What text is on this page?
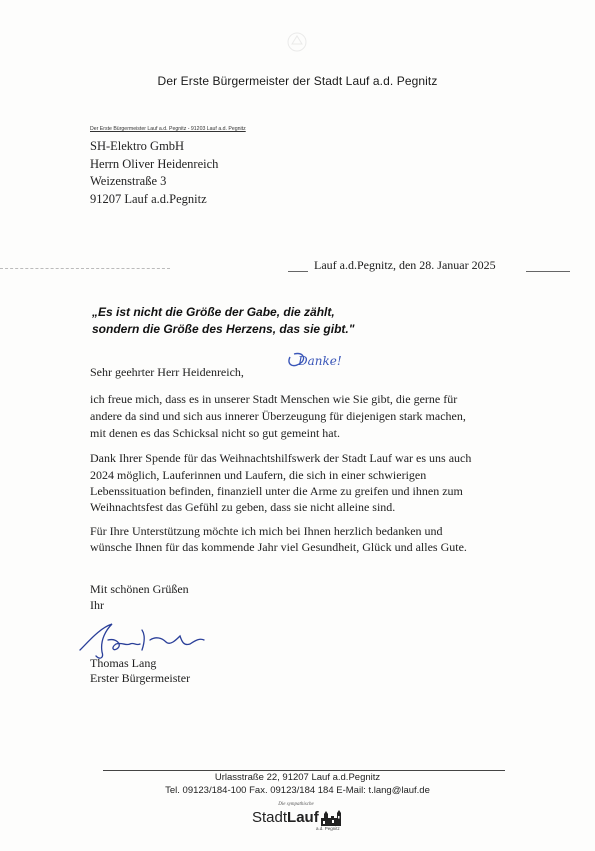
Der Erste Bürgermeister der Stadt Lauf a.d. Pegnitz
Der Erste Bürgermeister Lauf a.d. Pegnitz - 91203 Lauf a.d. Pegnitz
SH-Elektro GmbH
Herrn Oliver Heidenreich
Weizenstraße 3
91207 Lauf a.d.Pegnitz
Lauf a.d.Pegnitz, den 28. Januar 2025
„Es ist nicht die Größe der Gabe, die zählt,
sondern die Größe des Herzens, das sie gibt."
Sehr geehrter Herr Heidenreich,
Danke!
ich freue mich, dass es in unserer Stadt Menschen wie Sie gibt, die gerne für
andere da sind und sich aus innerer Überzeugung für diejenigen stark machen,
mit denen es das Schicksal nicht so gut gemeint hat.
Dank Ihrer Spende für das Weihnachtshilfswerk der Stadt Lauf war es uns auch
2024 möglich, Lauferinnen und Laufern, die sich in einer schwierigen
Lebenssituation befinden, finanziell unter die Arme zu greifen und ihnen zum
Weihnachtsfest das Gefühl zu geben, dass sie nicht alleine sind.
Für Ihre Unterstützung möchte ich mich bei Ihnen herzlich bedanken und
wünsche Ihnen für das kommende Jahr viel Gesundheit, Glück und alles Gute.
Mit schönen Grüßen
Ihr
Thomas Lang
Erster Bürgermeister
Urlasstraße 22, 91207 Lauf a.d.Pegnitz
Tel. 09123/184-100 Fax. 09123/184 184 E-Mail: t.lang@lauf.de
Die sympathische
StadtLauf
a.d. Pegnitz
